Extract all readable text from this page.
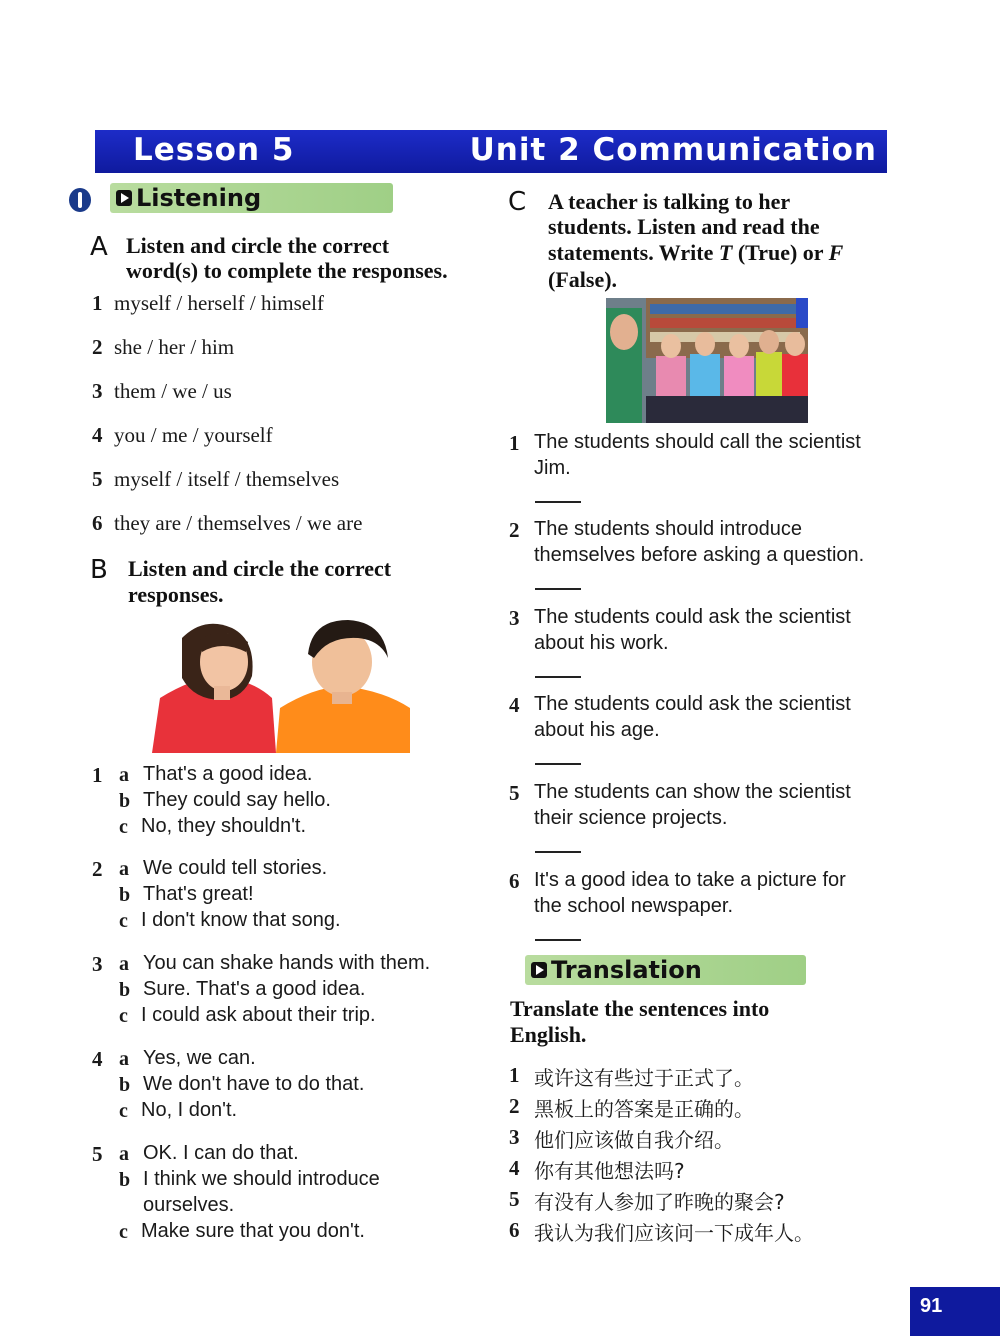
Lesson 5	Unit 2 Communication
Listening
A Listen and circle the correct
word(s) to complete the responses.
1 myself / herself / himself
2 she / her / him
3 them / we / us
4 you / me / yourself
5 myself / itself / themselves
6 they are / themselves / we are
B Listen and circle the correct
responses.
1 a That's a good idea.
b They could say hello.
c No, they shouldn't.
2 a We could tell stories.
b That's great!
c I don't know that song.
3 a You can shake hands with them.
b Sure. That's a good idea.
c I could ask about their trip.
4 a Yes, we can.
b We don't have to do that.
c No, I don't.
5 a OK. I can do that.
b I think we should introduce
ourselves.
c Make sure that you don't.
C A teacher is talking to her
students. Listen and read the
statements. Write T (True) or F
(False).
1 The students should call the scientist
Jim.
2 The students should introduce
themselves before asking a question.
3 The students could ask the scientist
about his work.
4 The students could ask the scientist
about his age.
5 The students can show the scientist
their science projects.
6 It's a good idea to take a picture for
the school newspaper.
Translation
Translate the sentences into
English.
1 或许这有些过于正式了。
2 黑板上的答案是正确的。
3 他们应该做自我介绍。
4 你有其他想法吗?
5 有没有人参加了昨晚的聚会?
6 我认为我们应该问一下成年人。
91
